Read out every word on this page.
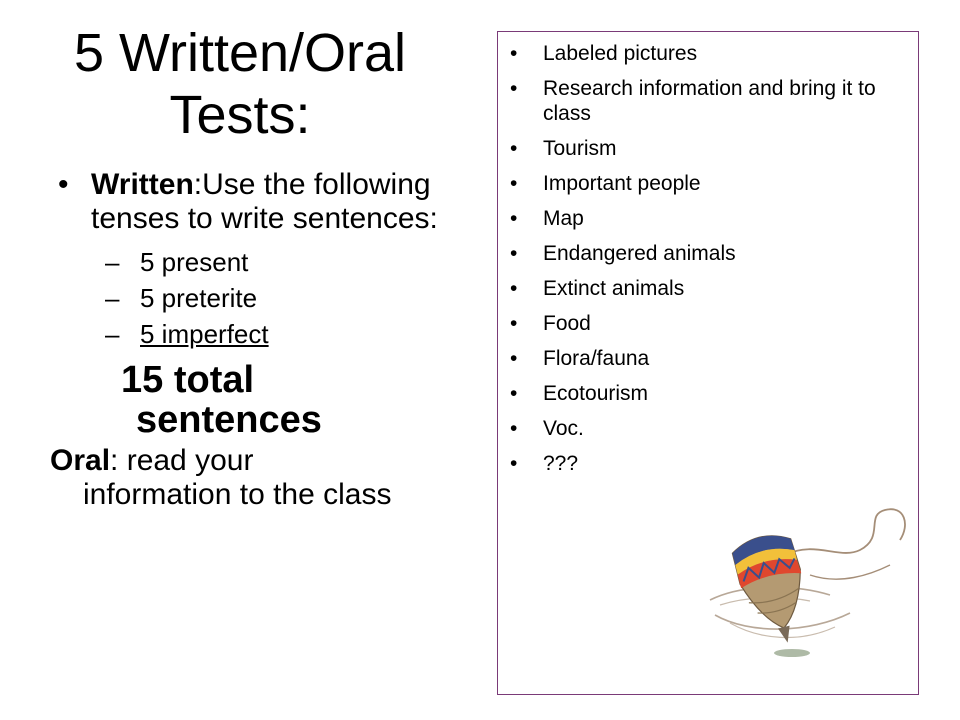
5 Written/Oral Tests:
• Written:Use the following tenses to write sentences:
– 5 present
– 5 preterite
– 5 imperfect
15 total
sentences
Oral: read your
information to the class
• Labeled pictures
• Research information and bring it to class
• Tourism
• Important people
• Map
• Endangered animals
• Extinct animals
• Food
• Flora/fauna
• Ecotourism
• Voc.
• ???
